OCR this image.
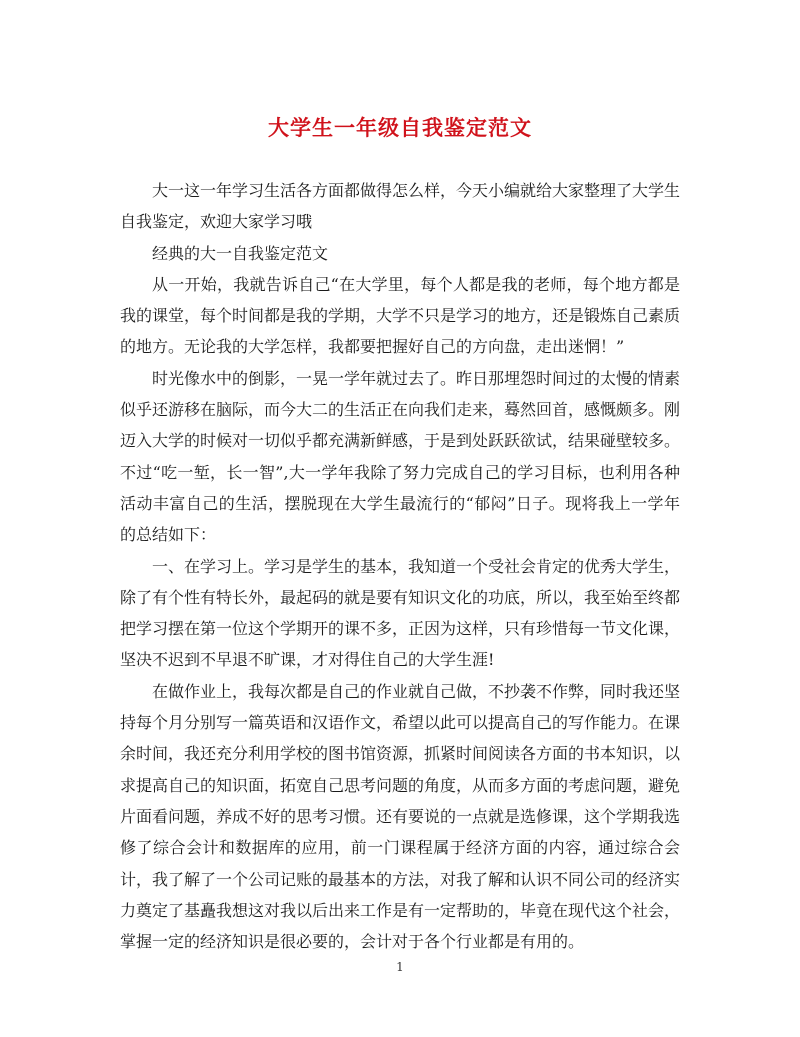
大学生一年级自我鉴定范文

大一这一年学习生活各方面都做得怎么样，今天小编就给大家整理了大学生自我鉴定，欢迎大家学习哦

经典的大一自我鉴定范文

从一开始，我就告诉自己“在大学里，每个人都是我的老师，每个地方都是我的课堂，每个时间都是我的学期，大学不只是学习的地方，还是锻炼自己素质的地方。无论我的大学怎样，我都要把握好自己的方向盘，走出迷惘！”

时光像水中的倒影，一晃一学年就过去了。昨日那埋怨时间过的太慢的情素似乎还游移在脑际，而今大二的生活正在向我们走来，蓦然回首，感慨颇多。刚迈入大学的时候对一切似乎都充满新鲜感，于是到处跃跃欲试，结果碰壁较多。不过“吃一堑，长一智”,大一学年我除了努力完成自己的学习目标，也利用各种活动丰富自己的生活，摆脱现在大学生最流行的“郁闷”日子。现将我上一学年的总结如下：

一、在学习上。学习是学生的基本，我知道一个受社会肯定的优秀大学生，除了有个性有特长外，最起码的就是要有知识文化的功底，所以，我至始至终都把学习摆在第一位这个学期开的课不多，正因为这样，只有珍惜每一节文化课，坚决不迟到不早退不旷课，才对得住自己的大学生涯!

在做作业上，我每次都是自己的作业就自己做，不抄袭不作弊，同时我还坚持每个月分别写一篇英语和汉语作文，希望以此可以提高自己的写作能力。在课余时间，我还充分利用学校的图书馆资源，抓紧时间阅读各方面的书本知识，以求提高自己的知识面，拓宽自己思考问题的角度，从而多方面的考虑问题，避免片面看问题，养成不好的思考习惯。还有要说的一点就是选修课，这个学期我选修了综合会计和数据库的应用，前一门课程属于经济方面的内容，通过综合会计，我了解了一个公司记账的最基本的方法，对我了解和认识不同公司的经济实力奠定了基矗我想这对我以后出来工作是有一定帮助的，毕竟在现代这个社会，掌握一定的经济知识是很必要的，会计对于各个行业都是有用的。

1
